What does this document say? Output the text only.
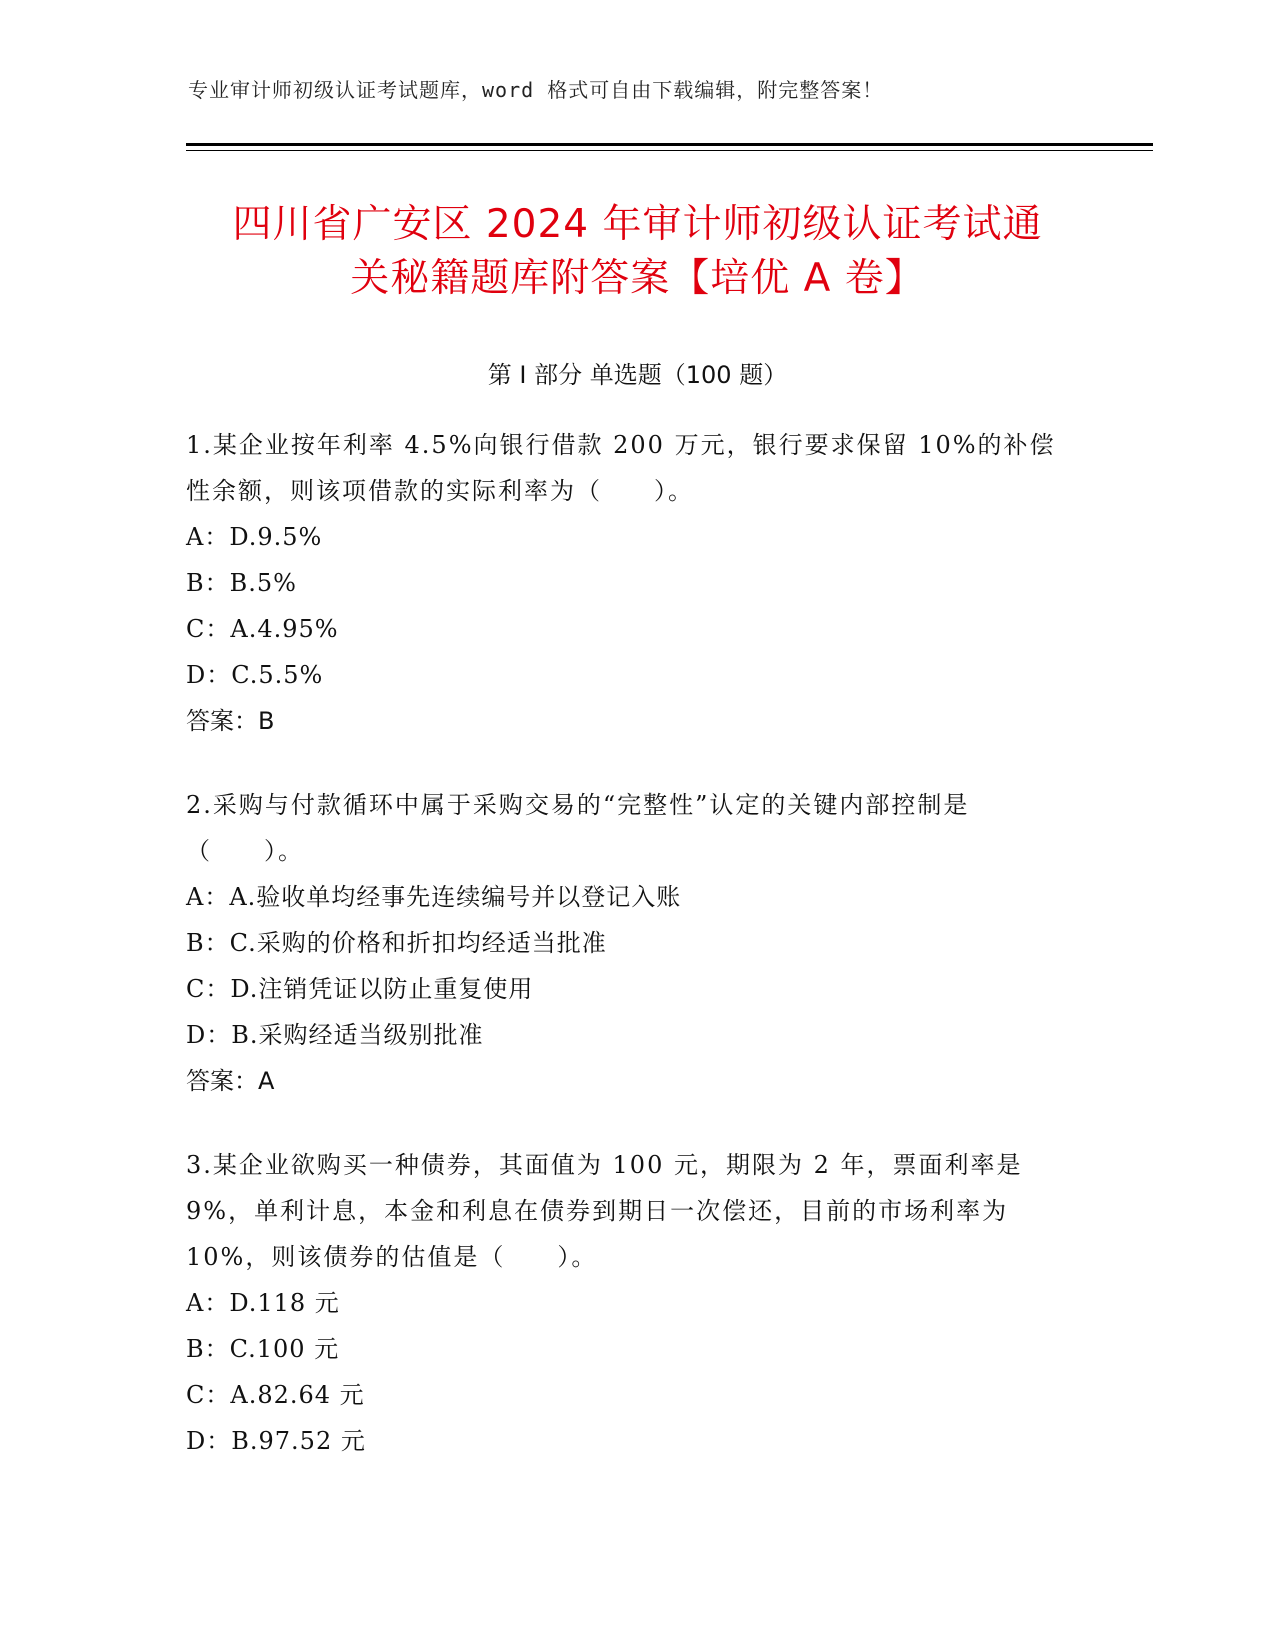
专业审计师初级认证考试题库，word 格式可自由下载编辑，附完整答案！
四川省广安区 2024 年审计师初级认证考试通
关秘籍题库附答案【培优 A 卷】
第 I 部分 单选题（100 题）

1.某企业按年利率 4.5%向银行借款 200 万元，银行要求保留 10%的补偿性余额，则该项借款的实际利率为（　　）。

A：D.9.5%

B：B.5%

C：A.4.95%

D：C.5.5%

答案：B

2.采购与付款循环中属于采购交易的“完整性”认定的关键内部控制是（　　）。

A：A.验收单均经事先连续编号并以登记入账

B：C.采购的价格和折扣均经适当批准

C：D.注销凭证以防止重复使用

D：B.采购经适当级别批准

答案：A

3.某企业欲购买一种债券，其面值为 100 元，期限为 2 年，票面利率是 9%，单利计息，本金和利息在债券到期日一次偿还，目前的市场利率为 10%，则该债券的估值是（　　）。

A：D.118 元

B：C.100 元

C：A.82.64 元

D：B.97.52 元
